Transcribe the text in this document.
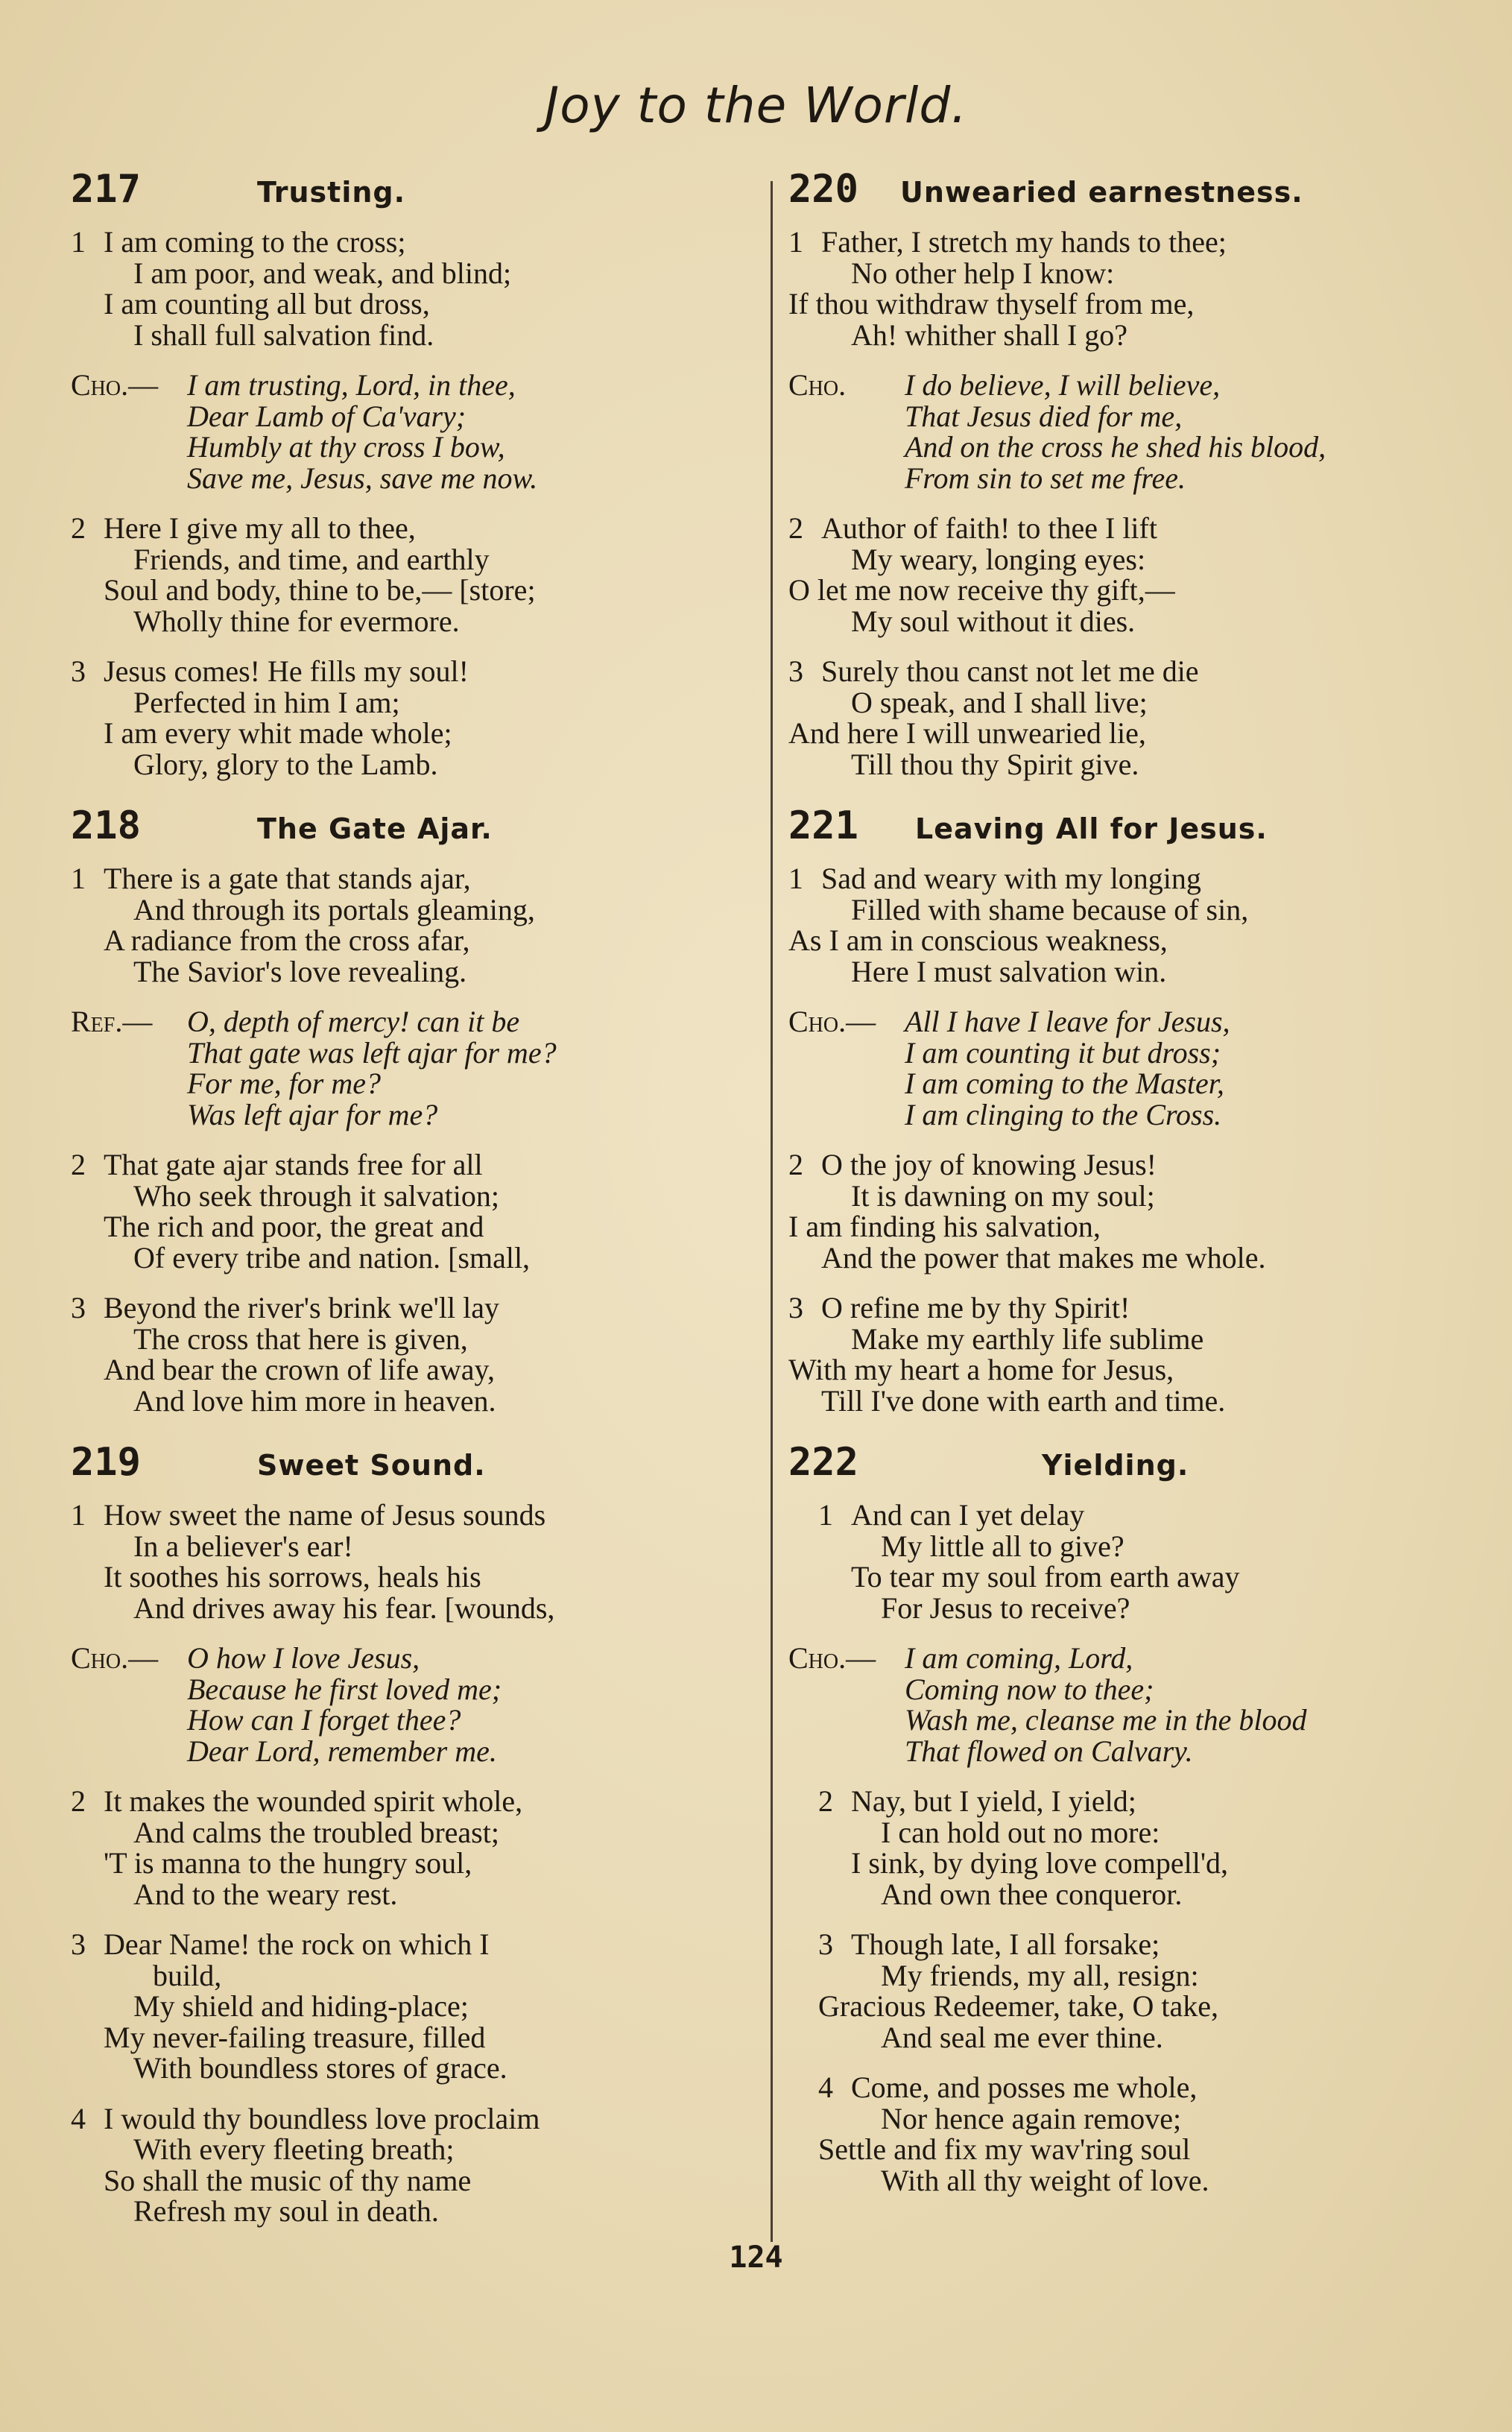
Joy to the World.
217	Trusting.
1 I am coming to the cross;
I am poor, and weak, and blind;
I am counting all but dross,
I shall full salvation find.
Cho.— I am trusting, Lord, in thee,
Dear Lamb of Ca'vary;
Humbly at thy cross I bow,
Save me, Jesus, save me now.
2 Here I give my all to thee,
Friends, and time, and earthly
Soul and body, thine to be,— [store;
Wholly thine for evermore.
3 Jesus comes! He fills my soul!
Perfected in him I am;
I am every whit made whole;
Glory, glory to the Lamb.
218	The Gate Ajar.
1 There is a gate that stands ajar,
And through its portals gleaming,
A radiance from the cross afar,
The Savior's love revealing.
Ref.— O, depth of mercy! can it be
That gate was left ajar for me?
For me, for me?
Was left ajar for me?
2 That gate ajar stands free for all
Who seek through it salvation;
The rich and poor, the great and
Of every tribe and nation. [small,
3 Beyond the river's brink we'll lay
The cross that here is given,
And bear the crown of life away,
And love him more in heaven.
219	Sweet Sound.
1 How sweet the name of Jesus sounds
In a believer's ear!
It soothes his sorrows, heals his
And drives away his fear. [wounds,
Cho.— O how I love Jesus,
Because he first loved me;
How can I forget thee?
Dear Lord, remember me.
2 It makes the wounded spirit whole,
And calms the troubled breast;
'T is manna to the hungry soul,
And to the weary rest.
3 Dear Name! the rock on which I
build,
My shield and hiding-place;
My never-failing treasure, filled
With boundless stores of grace.
4 I would thy boundless love proclaim
With every fleeting breath;
So shall the music of thy name
Refresh my soul in death.
220	Unwearied earnestness.
1 Father, I stretch my hands to thee;
No other help I know:
If thou withdraw thyself from me,
Ah! whither shall I go?
Cho. I do believe, I will believe,
That Jesus died for me,
And on the cross he shed his blood,
From sin to set me free.
2 Author of faith! to thee I lift
My weary, longing eyes:
O let me now receive thy gift,—
My soul without it dies.
3 Surely thou canst not let me die
O speak, and I shall live;
And here I will unwearied lie,
Till thou thy Spirit give.
221	Leaving All for Jesus.
1 Sad and weary with my longing
Filled with shame because of sin,
As I am in conscious weakness,
Here I must salvation win.
Cho.— All I have I leave for Jesus,
I am counting it but dross;
I am coming to the Master,
I am clinging to the Cross.
2 O the joy of knowing Jesus!
It is dawning on my soul;
I am finding his salvation,
And the power that makes me whole.
3 O refine me by thy Spirit!
Make my earthly life sublime
With my heart a home for Jesus,
Till I've done with earth and time.
222	Yielding.
1 And can I yet delay
My little all to give?
To tear my soul from earth away
For Jesus to receive?
Cho.— I am coming, Lord,
Coming now to thee;
Wash me, cleanse me in the blood
That flowed on Calvary.
2 Nay, but I yield, I yield;
I can hold out no more:
I sink, by dying love compell'd,
And own thee conqueror.
3 Though late, I all forsake;
My friends, my all, resign:
Gracious Redeemer, take, O take,
And seal me ever thine.
4 Come, and posses me whole,
Nor hence again remove;
Settle and fix my wav'ring soul
With all thy weight of love.
124
